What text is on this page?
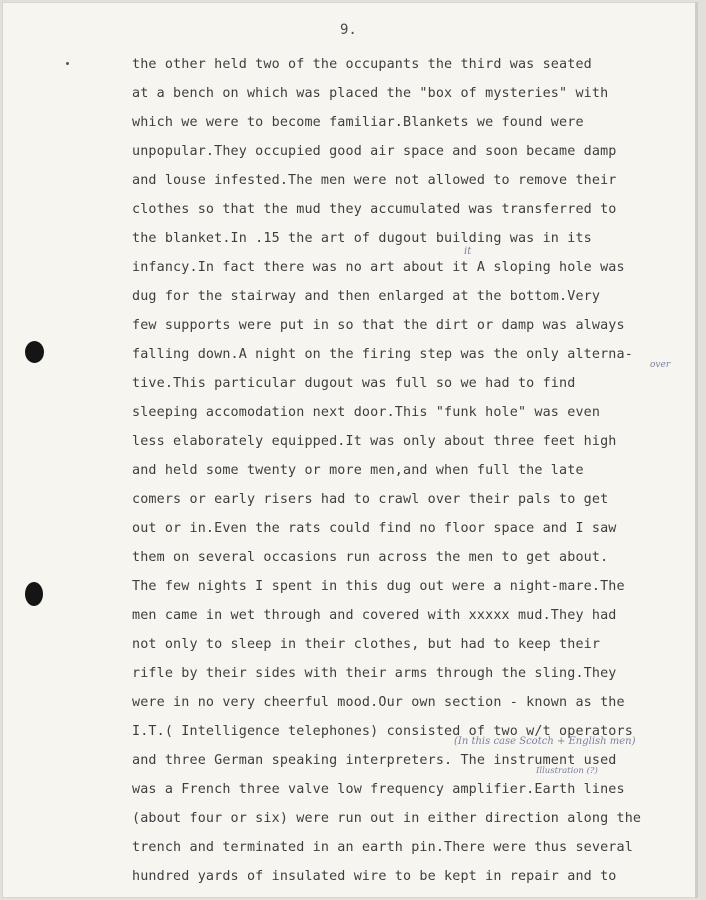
9.
the other held two of the occupants the third was seated
at a bench on which was placed the "box of mysteries" with
which we were to become familiar.Blankets we found were
unpopular.They occupied good air space and soon became damp
and louse infested.The men were not allowed to remove their
clothes so that the mud they accumulated was transferred to
the blanket.In .15 the art of dugout building was in its
infancy.In fact there was no art about it A sloping hole was
dug for the stairway and then enlarged at the bottom.Very
few supports were put in so that the dirt or damp was always
falling down.A night on the firing step was the only alterna-
tive.This particular dugout was full so we had to find
sleeping accomodation next door.This "funk hole" was even
less elaborately equipped.It was only about three feet high
and held some twenty or more men,and when full the late
comers or early risers had to crawl over their pals to get
out or in.Even the rats could find no floor space and I saw
them on several occasions run across the men to get about.
The few nights I spent in this dug out were a night-mare.The
men came in wet through and covered with xxxxx mud.They had
not only to sleep in their clothes, but had to keep their
rifle by their sides with their arms through the sling.They
were in no very cheerful mood.Our own section - known as the
I.T.( Intelligence telephones) consisted of two w/t operators
and three German speaking interpreters. The instrument used
was a French three valve low frequency amplifier.Earth lines
(about four or six) were run out in either direction along the
trench and terminated in an earth pin.There were thus several
hundred yards of insulated wire to be kept in repair and to
it
over
(In this case Scotch + English men)
Illustration (?)
